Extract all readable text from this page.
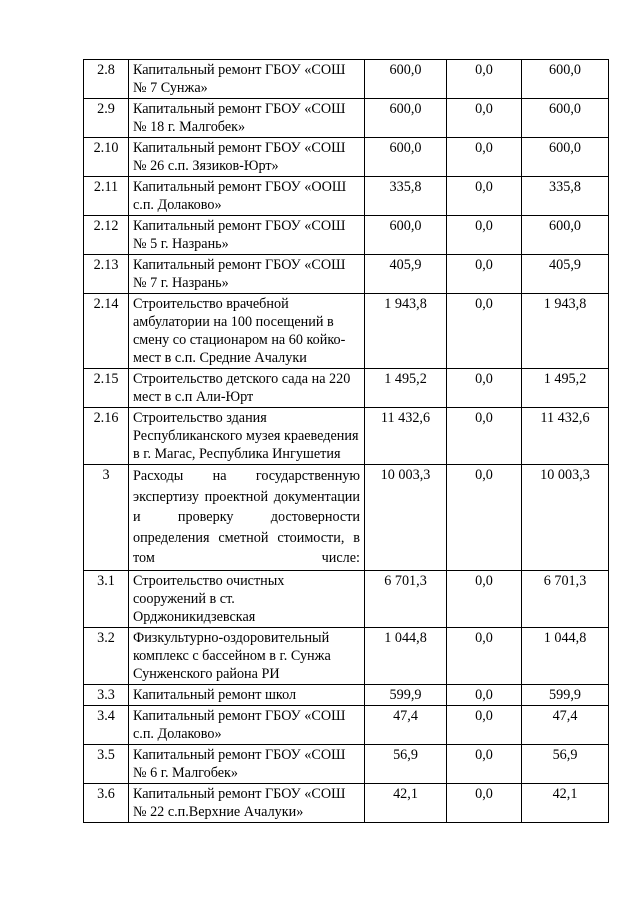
2.8	Капитальный ремонт ГБОУ «СОШ № 7 Сунжа»	600,0	0,0	600,0
2.9	Капитальный ремонт ГБОУ «СОШ № 18 г. Малгобек»	600,0	0,0	600,0
2.10	Капитальный ремонт ГБОУ «СОШ № 26 с.п. Зязиков-Юрт»	600,0	0,0	600,0
2.11	Капитальный ремонт ГБОУ «ООШ с.п. Долаково»	335,8	0,0	335,8
2.12	Капитальный ремонт ГБОУ «СОШ № 5 г. Назрань»	600,0	0,0	600,0
2.13	Капитальный ремонт ГБОУ «СОШ № 7 г. Назрань»	405,9	0,0	405,9
2.14	Строительство врачебной амбулатории на 100 посещений в смену со стационаром на 60 койко-мест в с.п. Средние Ачалуки	1 943,8	0,0	1 943,8
2.15	Строительство детского сада на 220 мест в с.п Али-Юрт	1 495,2	0,0	1 495,2
2.16	Строительство здания Республиканского музея краеведения в г. Магас, Республика Ингушетия	11 432,6	0,0	11 432,6
3	Расходы на государственную экспертизу проектной документации и проверку достоверности определения сметной стоимости, в том числе:	10 003,3	0,0	10 003,3
3.1	Строительство очистных сооружений в ст. Орджоникидзевская	6 701,3	0,0	6 701,3
3.2	Физкультурно-оздоровительный комплекс с бассейном в г. Сунжа Сунженского района РИ	1 044,8	0,0	1 044,8
3.3	Капитальный ремонт школ	599,9	0,0	599,9
3.4	Капитальный ремонт ГБОУ «СОШ с.п. Долаково»	47,4	0,0	47,4
3.5	Капитальный ремонт ГБОУ «СОШ № 6 г. Малгобек»	56,9	0,0	56,9
3.6	Капитальный ремонт ГБОУ «СОШ № 22 с.п.Верхние Ачалуки»	42,1	0,0	42,1
